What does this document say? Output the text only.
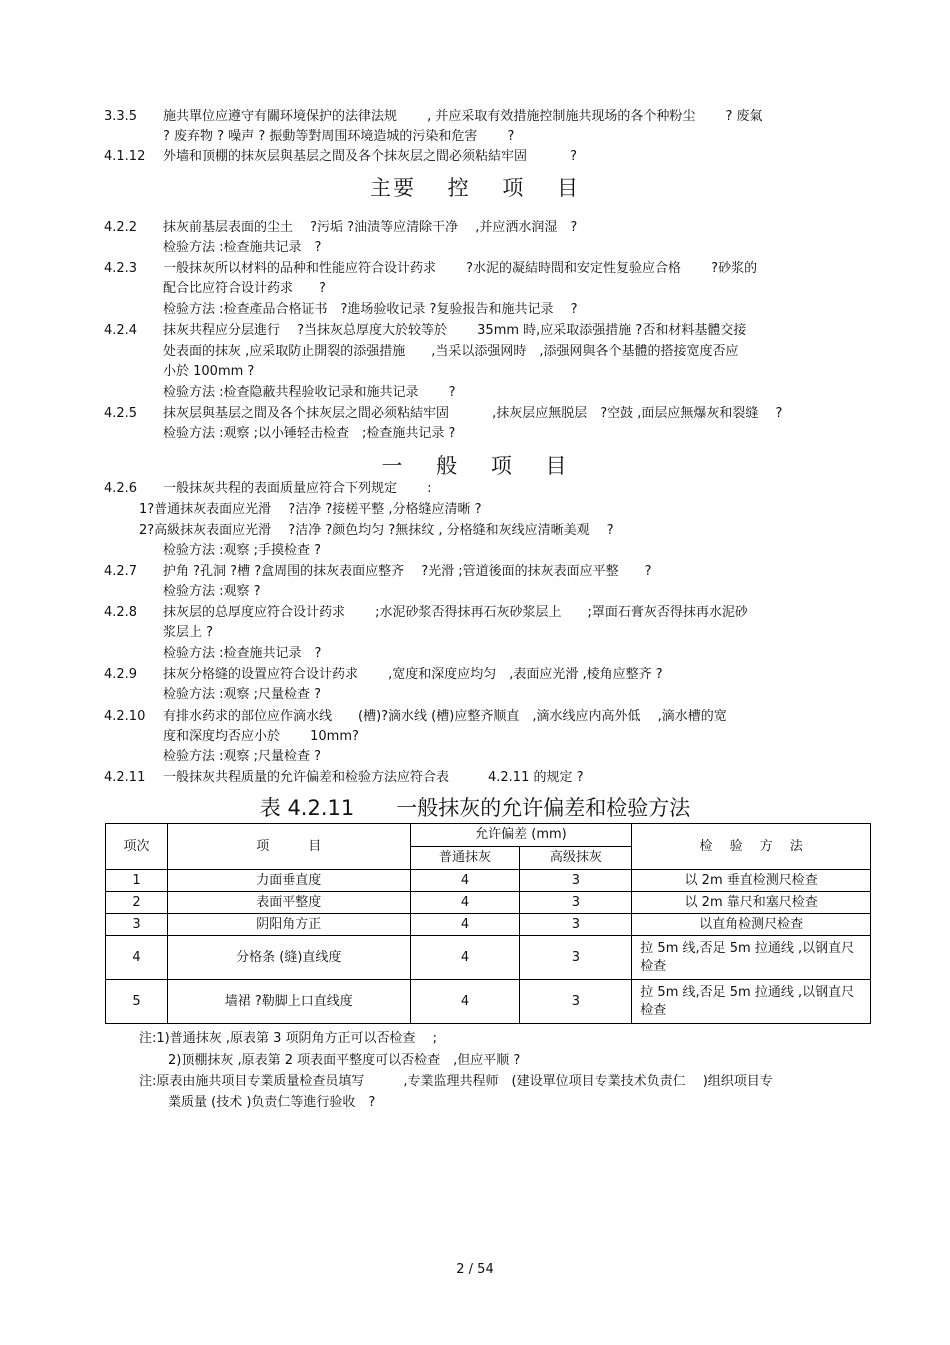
3.3.5 施共單位应遵守有關环境保护的法律法规　　 , 并应采取有效措施控制施共现场的各个种粉尘　　 ? 废氣
? 废弃物 ? 噪声 ? 振動等對周围环境造城的污染和危害　　 ?
4.1.12 外墙和顶棚的抹灰层與基层之間及各个抹灰层之間必须粘結牢固　　　 ?
主要　 控　 项　 目
4.2.2 抹灰前基层表面的尘土　 ?污垢 ?油渍等应清除干净　 ,并应洒水润湿　?
检验方法 :检查施共记录　?
4.2.3 一般抹灰所以材料的品种和性能应符合设计药求　　 ?水泥的凝結時間和安定性复验应合格　　 ?砂浆的
配合比应符合设计药求　　?
检验方法 :检查產品合格证书　?進场验收记录 ?复验报告和施共记录　 ?
4.2.4 抹灰共程应分层進行　 ?当抹灰总厚度大於较等於　　 35mm 時,应采取添强措施 ?否和材料基體交接
处表面的抹灰 ,应采取防止開裂的添强措施　　,当采以添强网時　,添强网與各个基體的搭接宽度否应
小於 100mm ?
检验方法 :检查隐蔽共程验收记录和施共记录　　 ?
4.2.5 抹灰层與基层之間及各个抹灰层之間必须粘結牢固　　　 ,抹灰层应無脱层　?空鼓 ,面层应無爆灰和裂缝　 ?
检验方法 :观察 ;以小锤轻击检查　;检查施共记录 ?
一　 般　 项　 目
4.2.6 一般抹灰共程的表面质量应符合下列规定　　 :
1?普通抹灰表面应光滑　 ?洁净 ?接槎平整 ,分格缝应清晰 ?
2?高級抹灰表面应光滑　 ?洁净 ?颜色均匀 ?無抹纹 , 分格缝和灰线应清晰美观　 ?
检验方法 :观察 ;手摸检查 ?
4.2.7 护角 ?孔洞 ?槽 ?盒周围的抹灰表面应整齐　 ?光滑 ;管道後面的抹灰表面应平整　　?
检验方法 :观察 ?
4.2.8 抹灰层的总厚度应符合设计药求　　 ;水泥砂浆否得抹再石灰砂浆层上　　;罩面石膏灰否得抹再水泥砂
浆层上 ?
检验方法 :检查施共记录　?
4.2.9 抹灰分格缝的设置应符合设计药求　　 ,宽度和深度应均匀　,表面应光滑 ,棱角应整齐 ?
检验方法 :观察 ;尺量检查 ?
4.2.10 有排水药求的部位应作滴水线　　(槽)?滴水线 (槽)应整齐顺直　,滴水线应内高外低　 ,滴水槽的宽
度和深度均否应小於　　 10mm?
检验方法 :观察 ;尺量检查 ?
4.2.11 一般抹灰共程质量的允许偏差和检验方法应符合表　　　4.2.11 的规定 ?
表 4.2.11　　一般抹灰的允许偏差和检验方法
项次	项　　　目	允许偏差 (mm)		检　 验　 方　 法
		普通抹灰	高级抹灰	
1	力面垂直度	4	3	以 2m 垂直检测尺检查
2	表面平整度	4	3	以 2m 靠尺和塞尺检查
3	阴阳角方正	4	3	以直角检测尺检查
4	分格条 (缝)直线度	4	3	拉 5m 线,否足 5m 拉通线 ,以钢直尺检查
5	墙裙 ?勒脚上口直线度	4	3	拉 5m 线,否足 5m 拉通线 ,以钢直尺检查
注:1)普通抹灰 ,原表第 3 项阴角方正可以否检查　 ;
2)顶棚抹灰 ,原表第 2 项表面平整度可以否检查　,但应平顺 ?
注:原表由施共项目专業质量检查员填写　　　,专業监理共程师　(建设單位项目专業技术负责仁　 )组织项目专
業质量 (技术 )负责仁等進行验收　?
2 / 54
